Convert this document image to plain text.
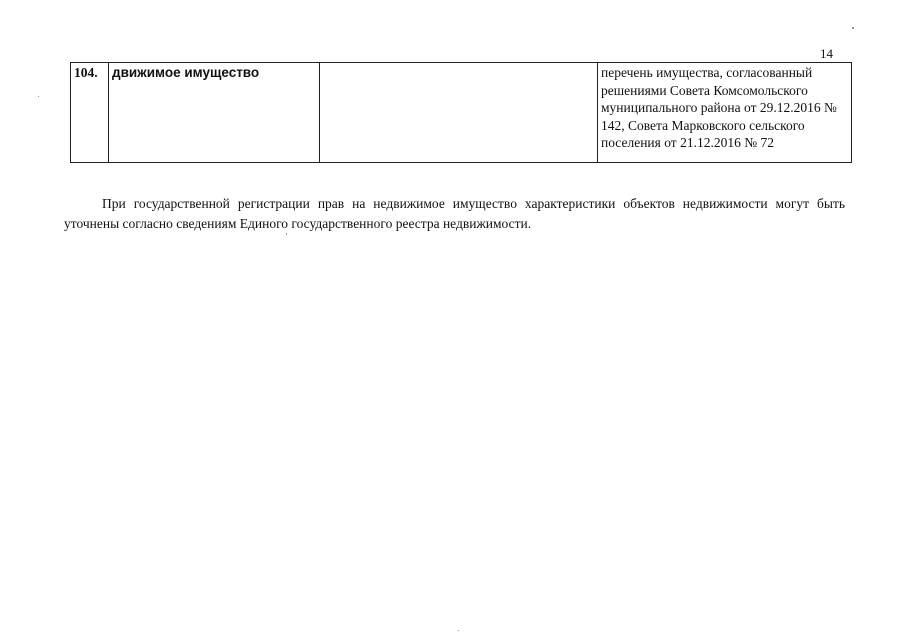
14
104.	движимое имущество		перечень имущества, согласованный решениями Совета Комсомольского муниципального района от 29.12.2016 № 142, Совета Марковского сельского поселения от 21.12.2016 № 72

При государственной регистрации прав на недвижимое имущество характеристики объектов недвижимости могут быть уточнены согласно сведениям Единого государственного реестра недвижимости.
